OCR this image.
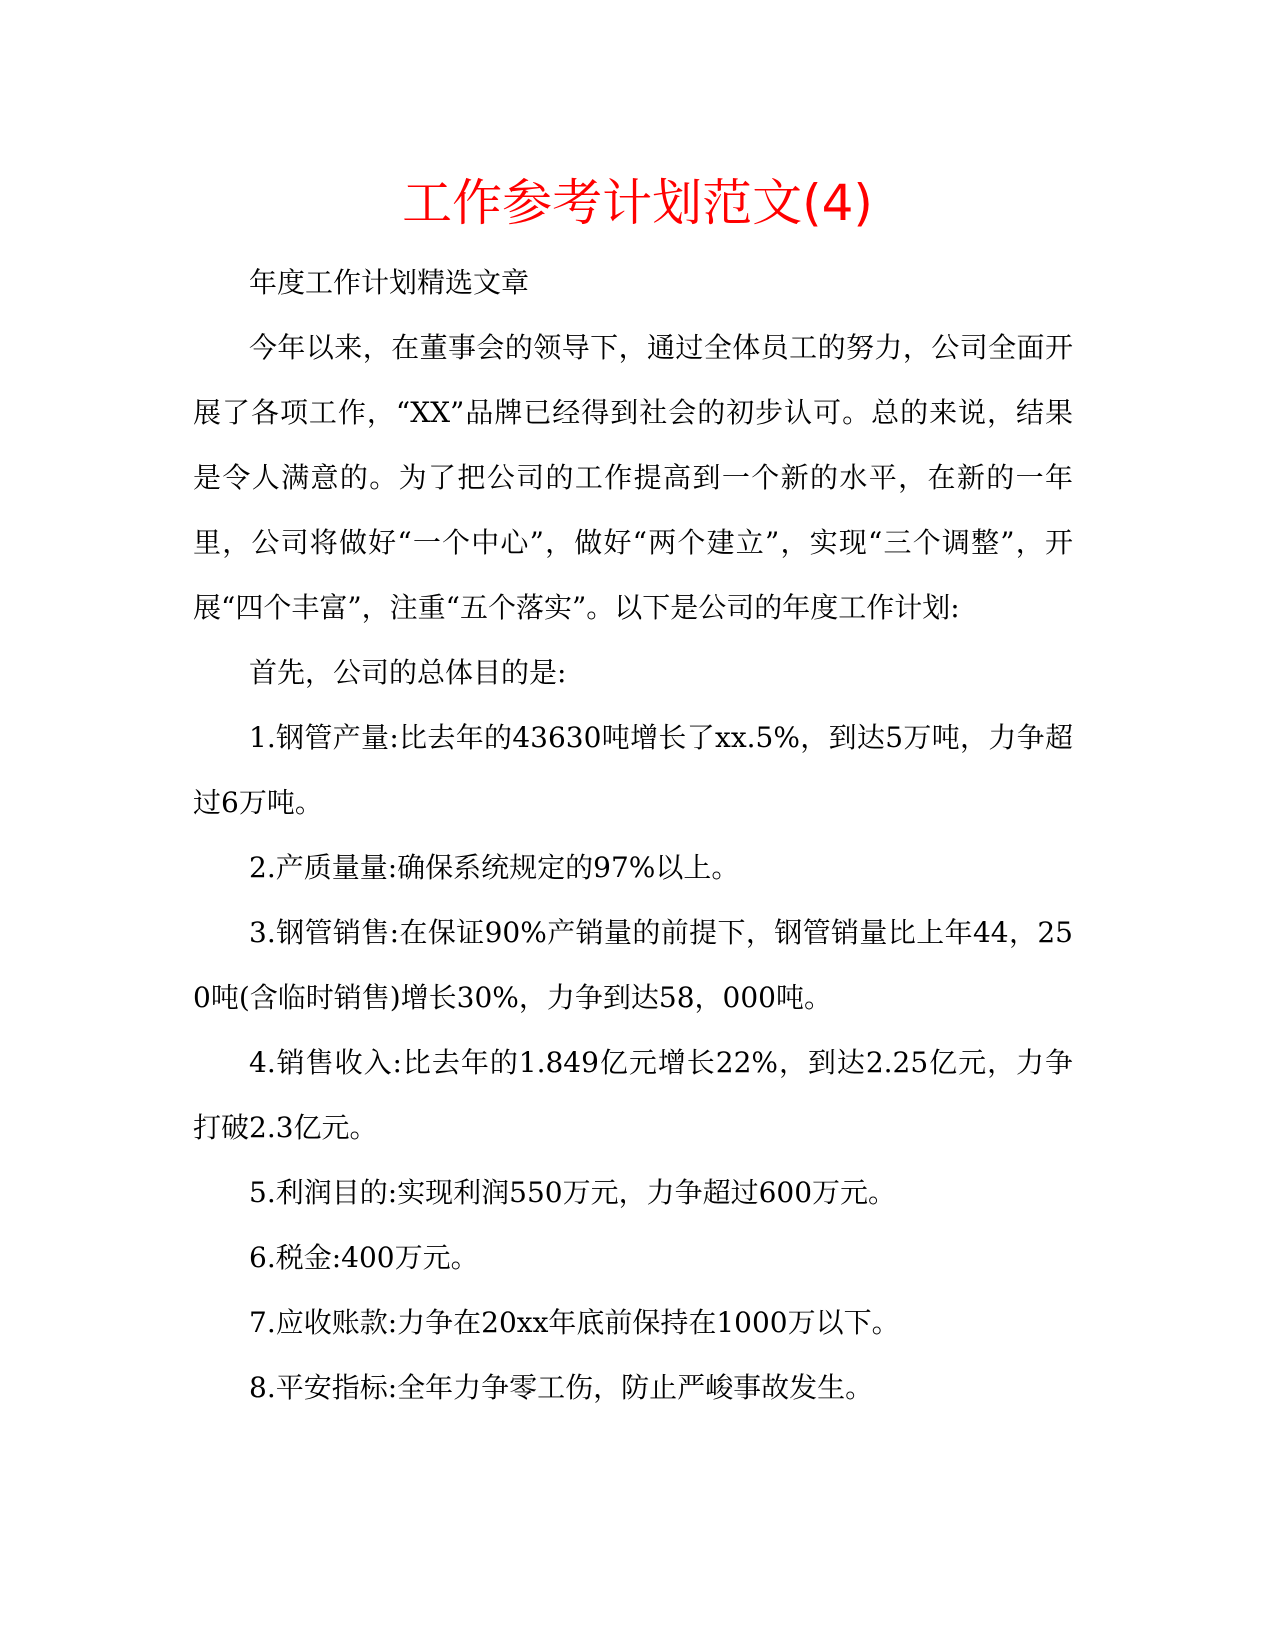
工作参考计划范文(4)

年度工作计划精选文章

今年以来，在董事会的领导下，通过全体员工的努力，公司全面开展了各项工作，“XX”品牌已经得到社会的初步认可。总的来说，结果是令人满意的。为了把公司的工作提高到一个新的水平，在新的一年里，公司将做好“一个中心”，做好“两个建立”，实现“三个调整”，开展“四个丰富”，注重“五个落实”。以下是公司的年度工作计划:

首先，公司的总体目的是:

1.钢管产量:比去年的43630吨增长了xx.5%，到达5万吨，力争超过6万吨。

2.产质量量:确保系统规定的97%以上。

3.钢管销售:在保证90%产销量的前提下，钢管销量比上年44，250吨(含临时销售)增长30%，力争到达58，000吨。

4.销售收入:比去年的1.849亿元增长22%，到达2.25亿元，力争打破2.3亿元。

5.利润目的:实现利润550万元，力争超过600万元。

6.税金:400万元。

7.应收账款:力争在20xx年底前保持在1000万以下。

8.平安指标:全年力争零工伤，防止严峻事故发生。
